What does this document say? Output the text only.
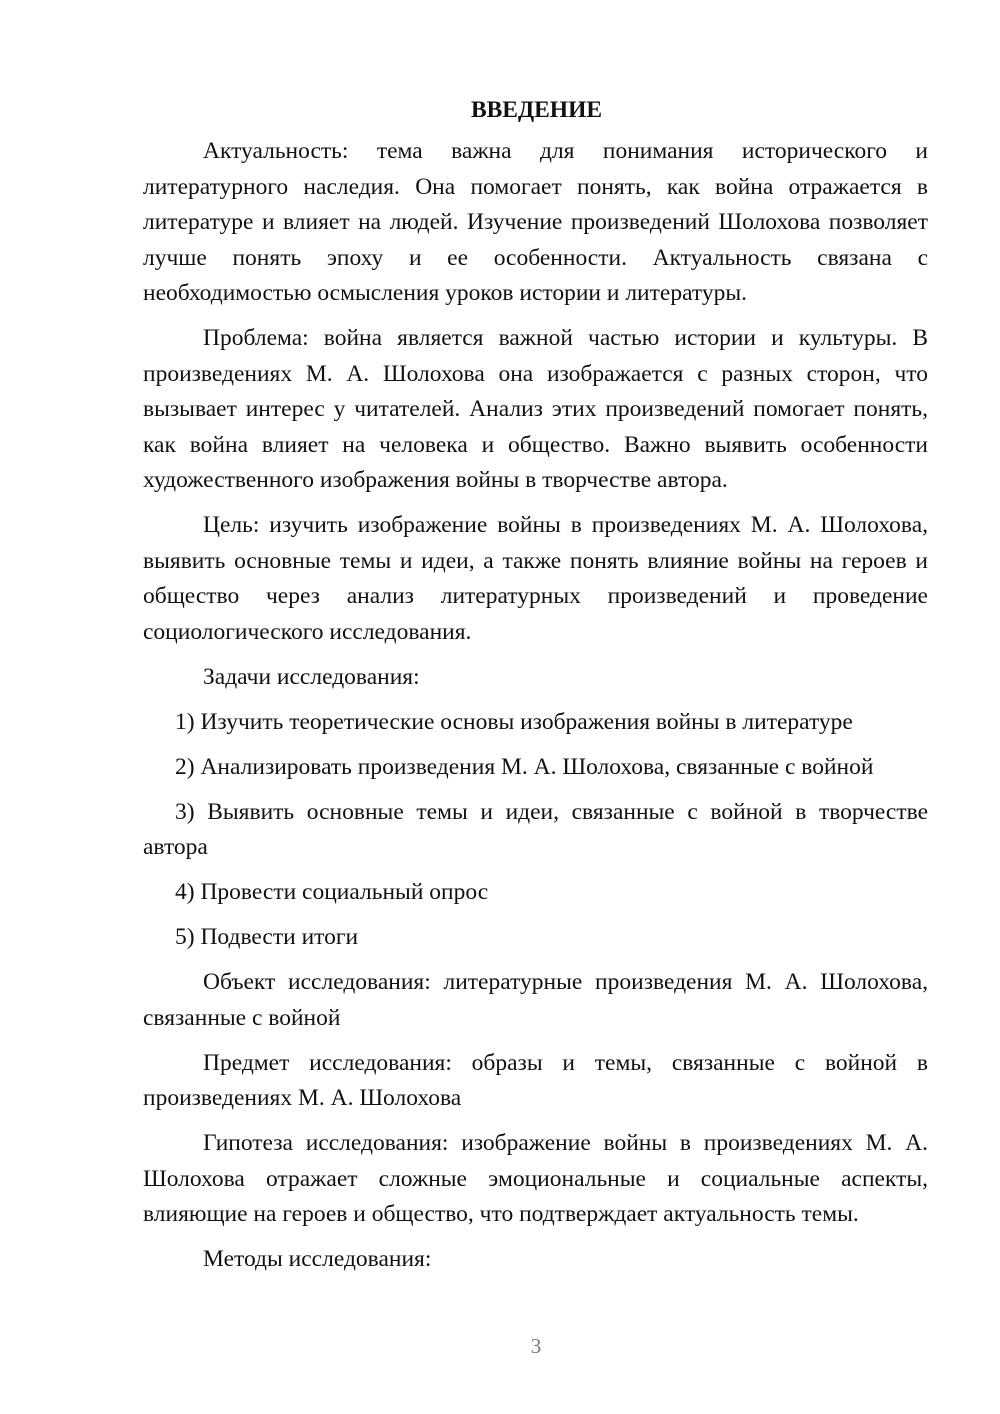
ВВЕДЕНИЕ

Актуальность: тема важна для понимания исторического и литературного наследия. Она помогает понять, как война отражается в литературе и влияет на людей. Изучение произведений Шолохова позволяет лучше понять эпоху и ее особенности. Актуальность связана с необходимостью осмысления уроков истории и литературы.

Проблема: война является важной частью истории и культуры. В произведениях М. А. Шолохова она изображается с разных сторон, что вызывает интерес у читателей. Анализ этих произведений помогает понять, как война влияет на человека и общество. Важно выявить особенности художественного изображения войны в творчестве автора.

Цель: изучить изображение войны в произведениях М. А. Шолохова, выявить основные темы и идеи, а также понять влияние войны на героев и общество через анализ литературных произведений и проведение социологического исследования.

Задачи исследования:

1) Изучить теоретические основы изображения войны в литературе

2) Анализировать произведения М. А. Шолохова, связанные с войной

3) Выявить основные темы и идеи, связанные с войной в творчестве автора

4) Провести социальный опрос

5) Подвести итоги

Объект исследования: литературные произведения М. А. Шолохова, связанные с войной

Предмет исследования: образы и темы, связанные с войной в произведениях М. А. Шолохова

Гипотеза исследования: изображение войны в произведениях М. А. Шолохова отражает сложные эмоциональные и социальные аспекты, влияющие на героев и общество, что подтверждает актуальность темы.

Методы исследования:

3
